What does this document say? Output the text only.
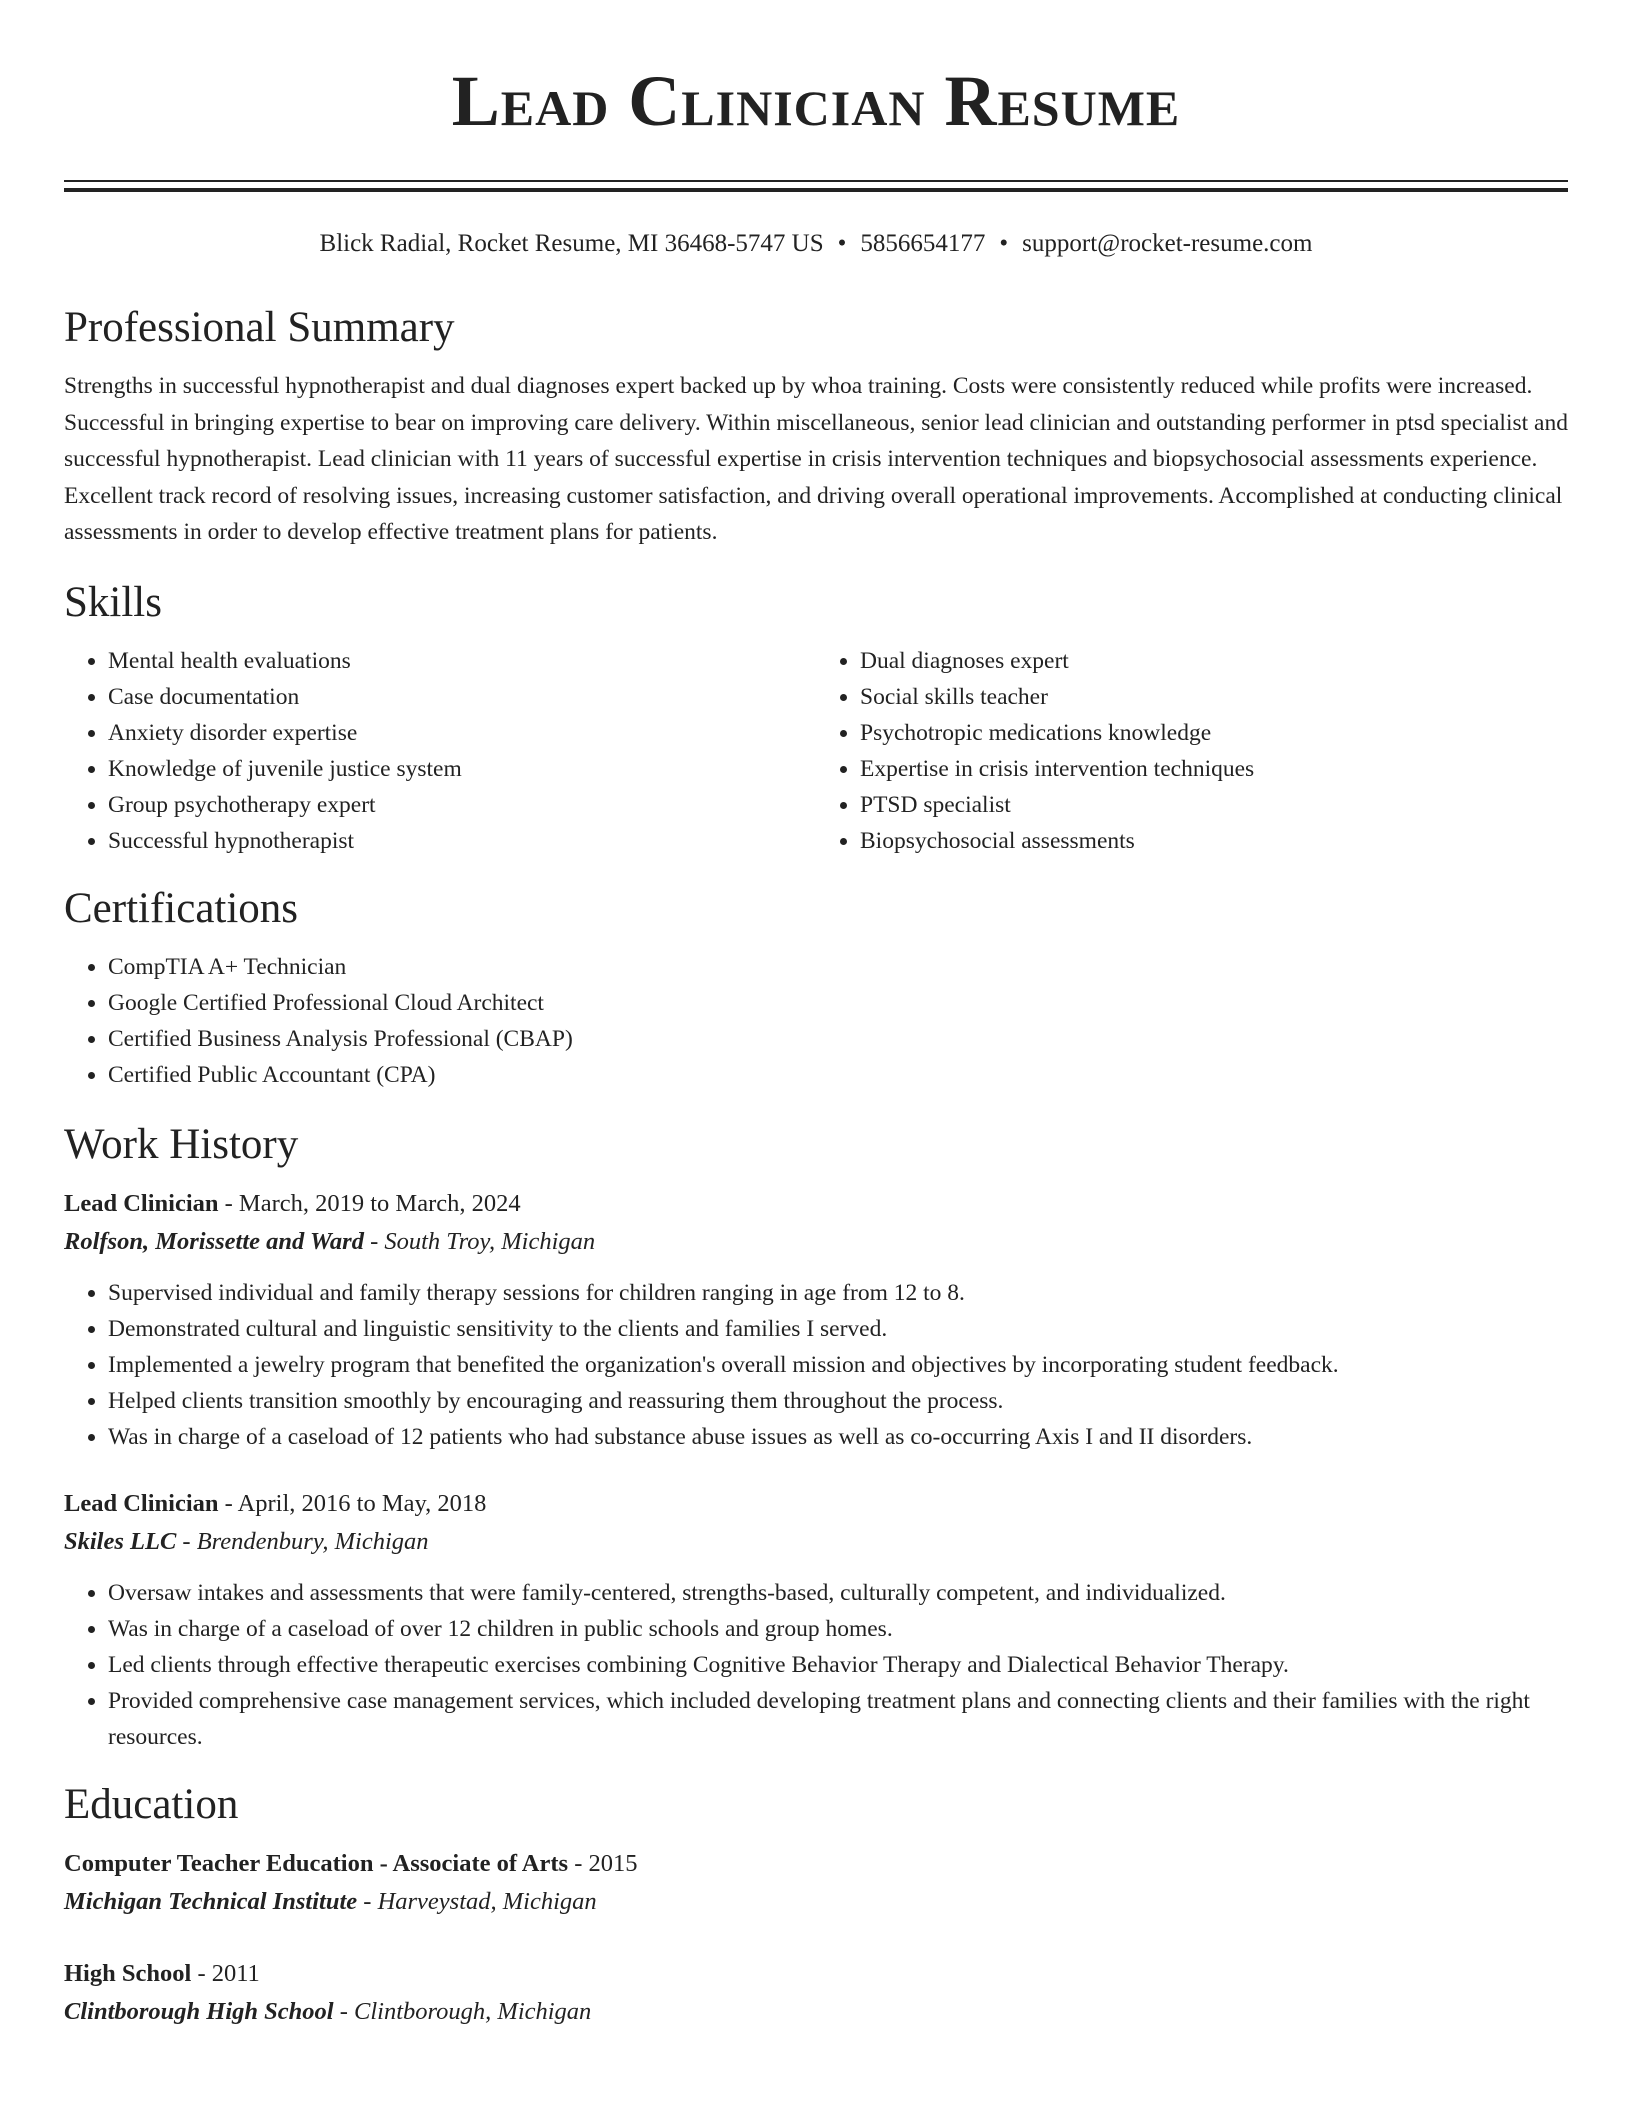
Lead Clinician Resume
Blick Radial, Rocket Resume, MI 36468-5747 US • 5856654177 • support@rocket-resume.com
Professional Summary

Strengths in successful hypnotherapist and dual diagnoses expert backed up by whoa training. Costs were consistently reduced while profits were increased. Successful in bringing expertise to bear on improving care delivery. Within miscellaneous, senior lead clinician and outstanding performer in ptsd specialist and successful hypnotherapist. Lead clinician with 11 years of successful expertise in crisis intervention techniques and biopsychosocial assessments experience. Excellent track record of resolving issues, increasing customer satisfaction, and driving overall operational improvements. Accomplished at conducting clinical assessments in order to develop effective treatment plans for patients.

Skills
• Mental health evaluations
• Case documentation
• Anxiety disorder expertise
• Knowledge of juvenile justice system
• Group psychotherapy expert
• Successful hypnotherapist
• Dual diagnoses expert
• Social skills teacher
• Psychotropic medications knowledge
• Expertise in crisis intervention techniques
• PTSD specialist
• Biopsychosocial assessments
Certifications
• CompTIA A+ Technician
• Google Certified Professional Cloud Architect
• Certified Business Analysis Professional (CBAP)
• Certified Public Accountant (CPA)
Work History

Lead Clinician - March, 2019 to March, 2024

Rolfson, Morissette and Ward - South Troy, Michigan

• Supervised individual and family therapy sessions for children ranging in age from 12 to 8.
• Demonstrated cultural and linguistic sensitivity to the clients and families I served.
• Implemented a jewelry program that benefited the organization's overall mission and objectives by incorporating student feedback.
• Helped clients transition smoothly by encouraging and reassuring them throughout the process.
• Was in charge of a caseload of 12 patients who had substance abuse issues as well as co-occurring Axis I and II disorders.

Lead Clinician - April, 2016 to May, 2018

Skiles LLC - Brendenbury, Michigan

• Oversaw intakes and assessments that were family-centered, strengths-based, culturally competent, and individualized.
• Was in charge of a caseload of over 12 children in public schools and group homes.
• Led clients through effective therapeutic exercises combining Cognitive Behavior Therapy and Dialectical Behavior Therapy.
• Provided comprehensive case management services, which included developing treatment plans and connecting clients and their families with the right resources.
Education

Computer Teacher Education - Associate of Arts - 2015

Michigan Technical Institute - Harveystad, Michigan

High School - 2011

Clintborough High School - Clintborough, Michigan
